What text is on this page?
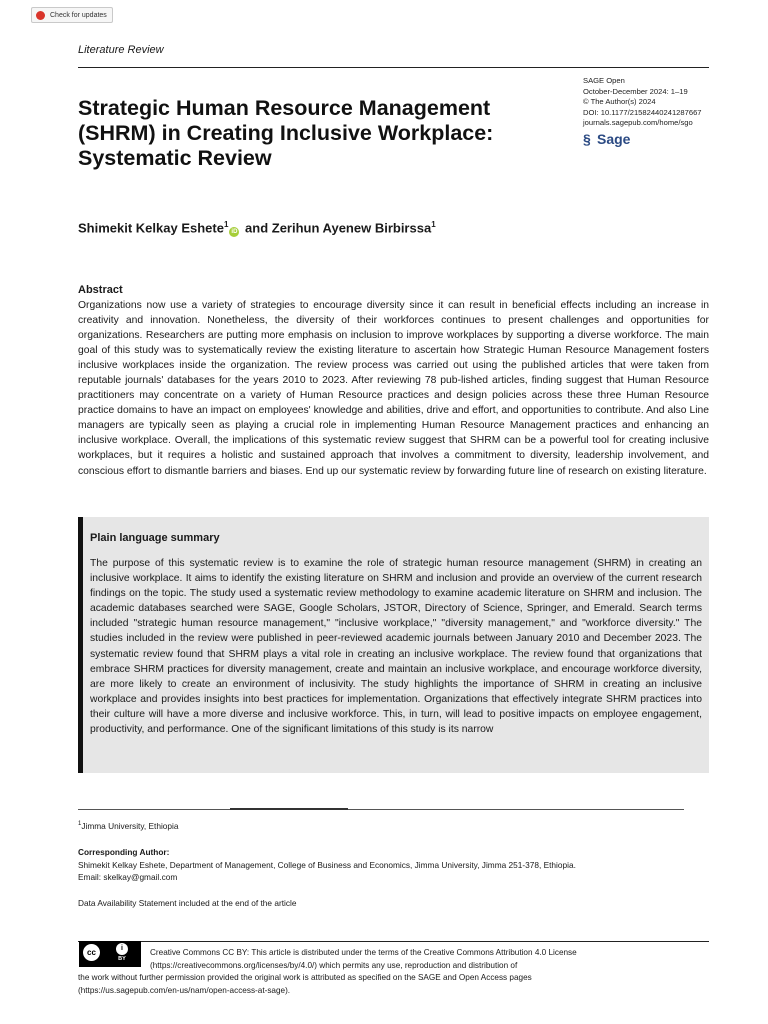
Check for updates
Literature Review
SAGE Open
October-December 2024: 1–19
© The Author(s) 2024
DOI: 10.1177/21582440241287667
journals.sagepub.com/home/sgo
§ Sage
Strategic Human Resource Management (SHRM) in Creating Inclusive Workplace: Systematic Review
Shimekit Kelkay Eshete$^1$iD and Zerihun Ayenew Birbirssa$^1$
Abstract
Organizations now use a variety of strategies to encourage diversity since it can result in beneficial effects including an increase in creativity and innovation. Nonetheless, the diversity of their workforces continues to present challenges and opportunities for organizations. Researchers are putting more emphasis on inclusion to improve workplaces by supporting a diverse workforce. The main goal of this study was to systematically review the existing literature to ascertain how Strategic Human Resource Management fosters inclusive workplaces inside the organization. The review process was carried out using the published articles that were taken from reputable journals' databases for the years 2010 to 2023. After reviewing 78 pub-lished articles, finding suggest that Human Resource practitioners may concentrate on a variety of Human Resource practices and design policies across these three Human Resource practice domains to have an impact on employees' knowledge and abilities, drive and effort, and opportunities to contribute. And also Line managers are typically seen as playing a crucial role in implementing Human Resource Management practices and enhancing an inclusive workplace. Overall, the implications of this systematic review suggest that SHRM can be a powerful tool for creating inclusive workplaces, but it requires a holistic and sustained approach that involves a commitment to diversity, leadership involvement, and conscious effort to dismantle barriers and biases. End up our systematic review by forwarding future line of research on existing literature.
Plain language summary
The purpose of this systematic review is to examine the role of strategic human resource management (SHRM) in creating an inclusive workplace. It aims to identify the existing literature on SHRM and inclusion and provide an overview of the current research findings on the topic. The study used a systematic review methodology to examine academic literature on SHRM and inclusion. The academic databases searched were SAGE, Google Scholars, JSTOR, Directory of Science, Springer, and Emerald. Search terms included "strategic human resource management," "inclusive workplace," "diversity management," and "workforce diversity." The studies included in the review were published in peer-reviewed academic journals between January 2010 and December 2023. The systematic review found that SHRM plays a vital role in creating an inclusive workplace. The review found that organizations that embrace SHRM practices for diversity management, create and maintain an inclusive workplace, and encourage workforce diversity, are more likely to create an environment of inclusivity. The study highlights the importance of SHRM in creating an inclusive workplace and provides insights into best practices for implementation. Organizations that effectively integrate SHRM practices into their culture will have a more diverse and inclusive workforce. This, in turn, will lead to positive impacts on employee engagement, productivity, and performance. One of the significant limitations of this study is its narrow
$^1$Jimma University, Ethiopia
Corresponding Author:
Shimekit Kelkay Eshete, Department of Management, College of Business and Economics, Jimma University, Jimma 251-378, Ethiopia.
Email: skelkay@gmail.com
Data Availability Statement included at the end of the article
cc	i
BY
Creative Commons CC BY: This article is distributed under the terms of the Creative Commons Attribution 4.0 License
(https://creativecommons.org/licenses/by/4.0/) which permits any use, reproduction and distribution of
the work without further permission provided the original work is attributed as specified on the SAGE and Open Access pages
(https://us.sagepub.com/en-us/nam/open-access-at-sage).
